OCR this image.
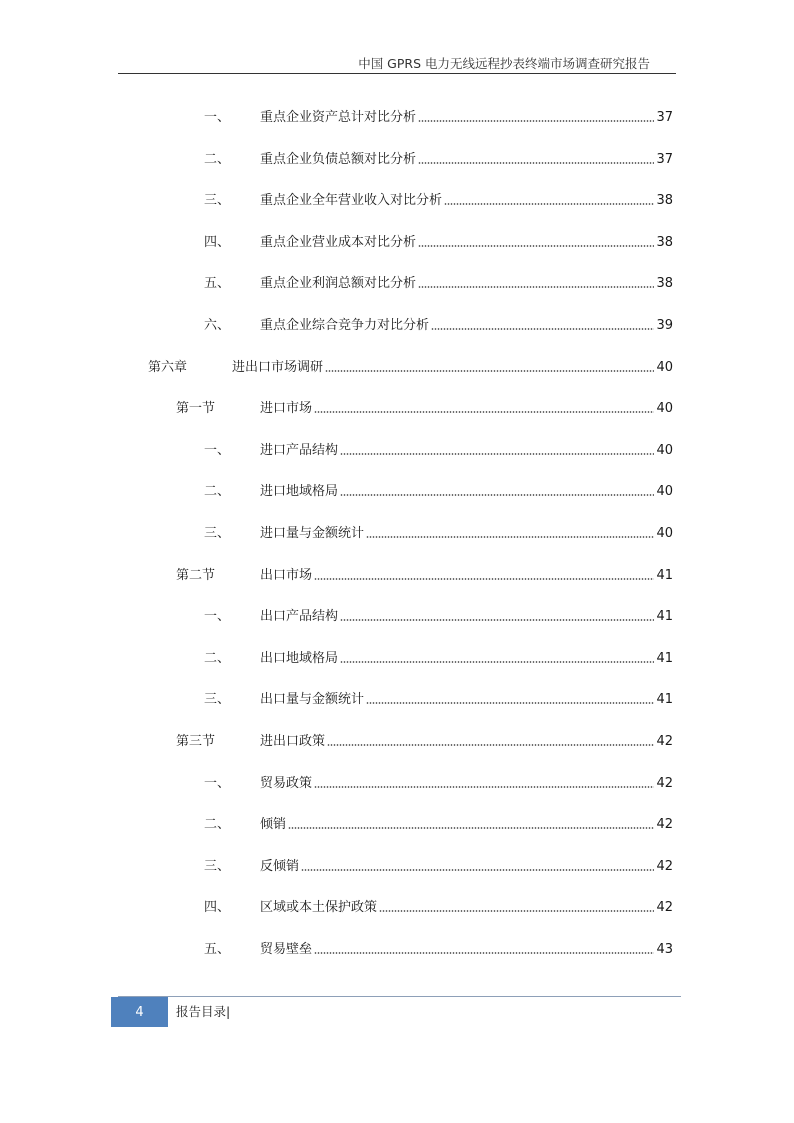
中国 GPRS 电力无线远程抄表终端市场调查研究报告
一、	重点企业资产总计对比分析	37
二、	重点企业负债总额对比分析	37
三、	重点企业全年营业收入对比分析	38
四、	重点企业营业成本对比分析	38
五、	重点企业利润总额对比分析	38
六、	重点企业综合竞争力对比分析	39
第六章	进出口市场调研	40
第一节	进口市场	40
一、	进口产品结构	40
二、	进口地域格局	40
三、	进口量与金额统计	40
第二节	出口市场	41
一、	出口产品结构	41
二、	出口地域格局	41
三、	出口量与金额统计	41
第三节	进出口政策	42
一、	贸易政策	42
二、	倾销	42
三、	反倾销	42
四、	区域或本土保护政策	42
五、	贸易壁垒	43
4	报告目录|
